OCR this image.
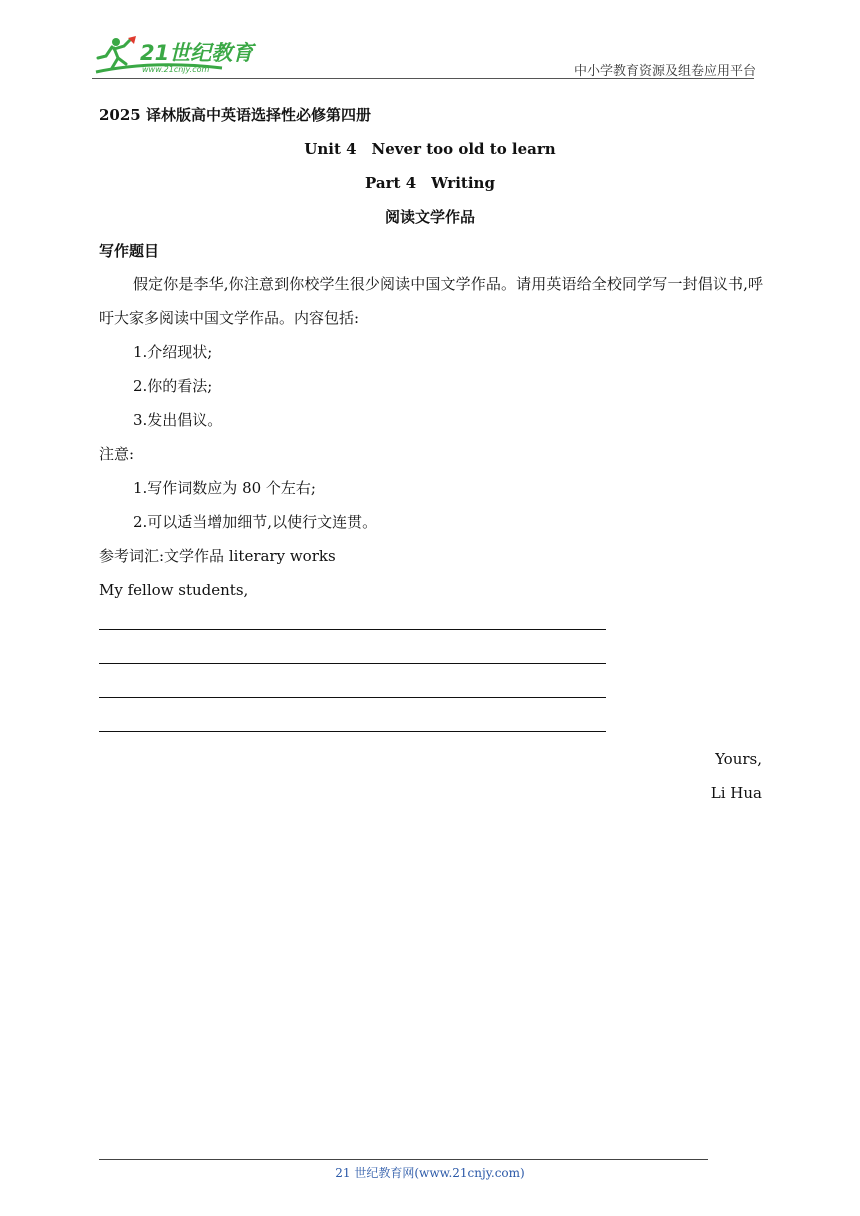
21世纪教育
www.21cnjy.com	中小学教育资源及组卷应用平台
2025 译林版高中英语选择性必修第四册
Unit 4　Never too old to learn
Part 4　Writing
阅读文学作品
写作题目
假定你是李华,你注意到你校学生很少阅读中国文学作品。请用英语给全校同学写一封倡议书,呼吁大家多阅读中国文学作品。内容包括:
1.介绍现状;
2.你的看法;
3.发出倡议。
注意:
1.写作词数应为 80 个左右;
2.可以适当增加细节,以使行文连贯。
参考词汇:文学作品 literary works
My fellow students,
Yours,
Li Hua
21 世纪教育网(www.21cnjy.com)
